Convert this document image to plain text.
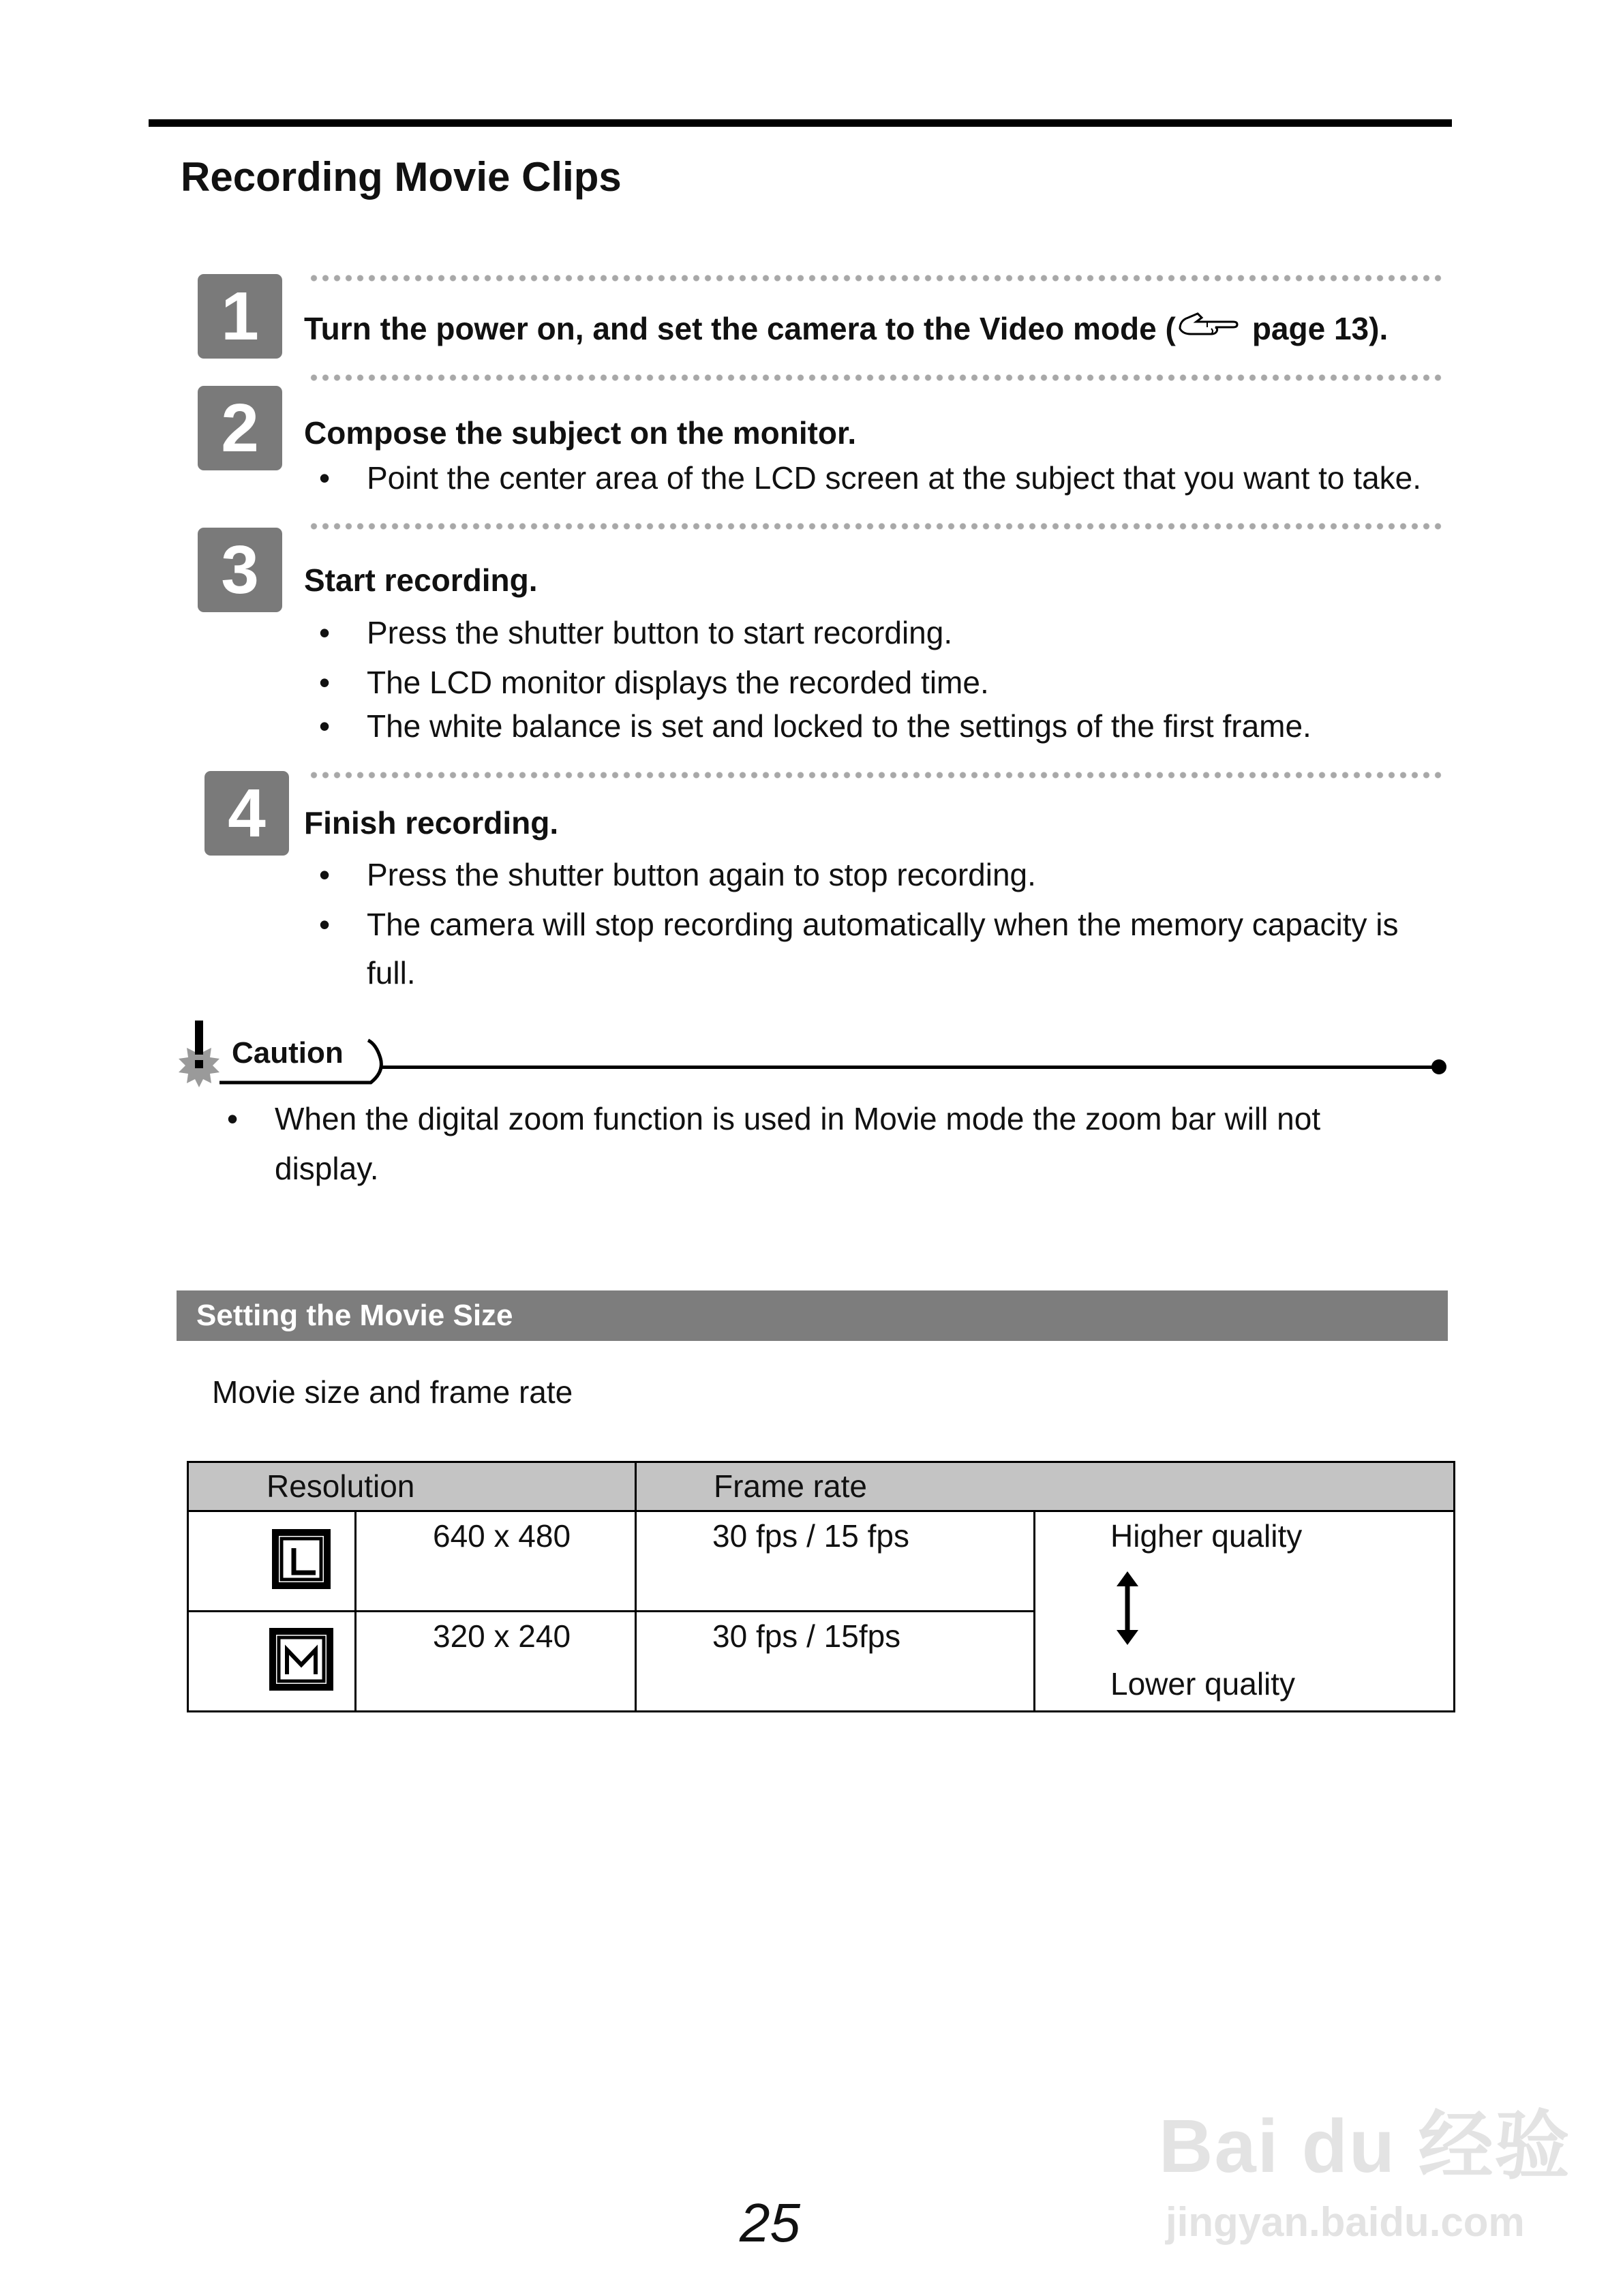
Recording Movie Clips
1	Turn the power on, and set the camera to the Video mode ( page 13).
2	Compose the subject on the monitor.
• Point the center area of the LCD screen at the subject that you want to take.
3	Start recording.
• Press the shutter button to start recording.
• The LCD monitor displays the recorded time.
• The white balance is set and locked to the settings of the first frame.
4	Finish recording.
• Press the shutter button again to stop recording.
• The camera will stop recording automatically when the memory capacity is
full.
Caution
• When the digital zoom function is used in Movie mode the zoom bar will not
display.
Setting the Movie Size
Movie size and frame rate
Resolution	Frame rate
640 x 480	30 fps / 15 fps
320 x 240	30 fps / 15fps
Higher quality
Lower quality
25
Bai du 经验
jingyan.baidu.com
